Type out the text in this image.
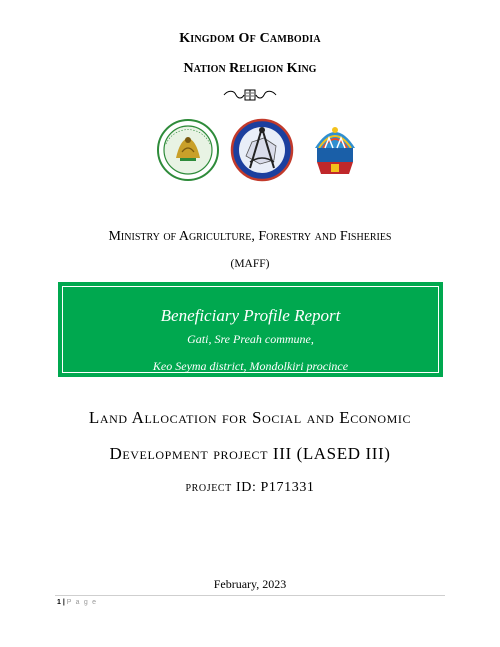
Kingdom Of Cambodia
Nation Religion King
Ministry of Agriculture, Forestry and Fisheries
(MAFF)
Beneficiary Profile Report
Gati, Sre Preah commune,
Keo Seyma district, Mondolkiri procince
Land Allocation for Social and Economic
Development project III (LASED III)
project ID: P171331
February, 2023
1 | P a g e
